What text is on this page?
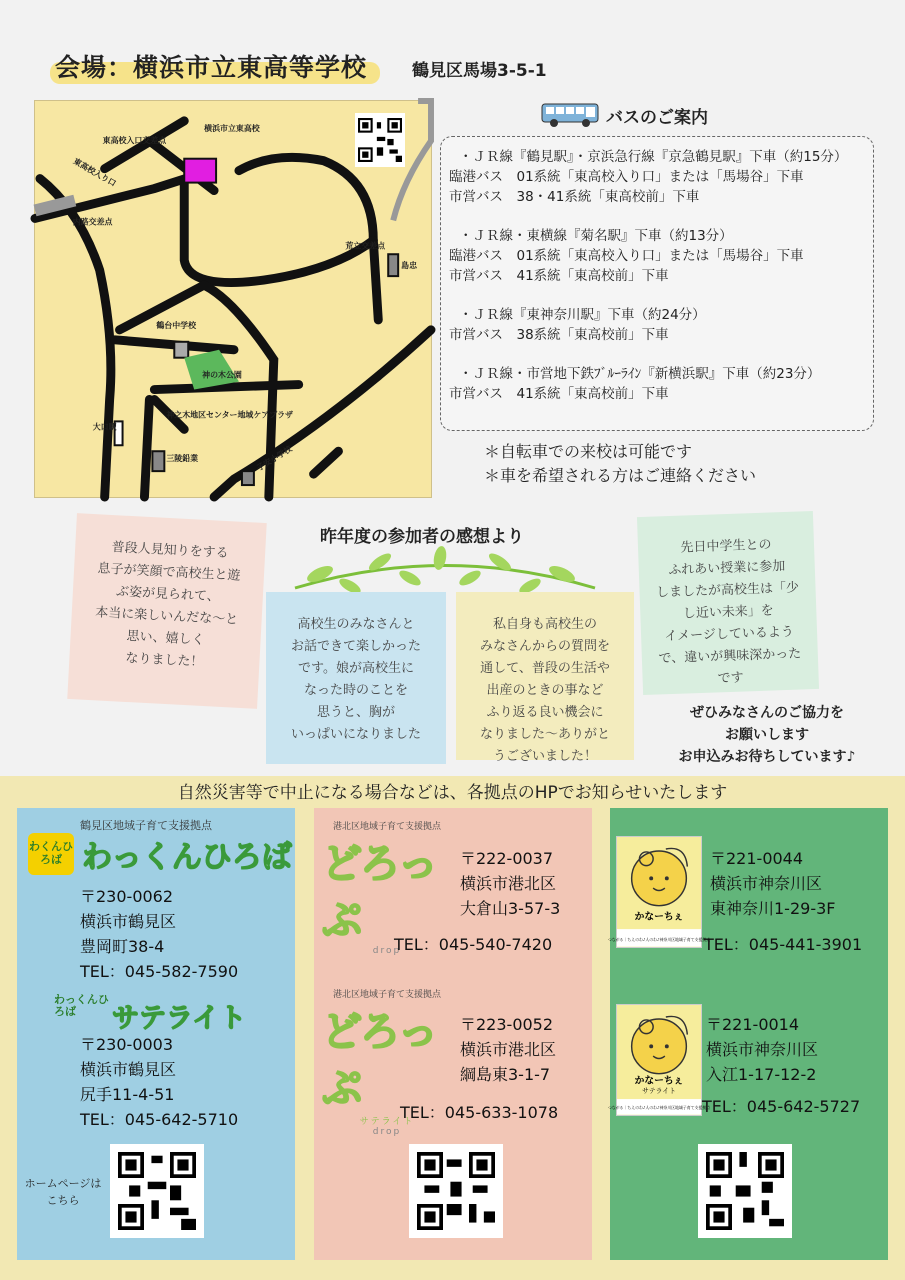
会場：横浜市立東高等学校	鶴見区馬場3-5-1
東高校入口交差点
東高校入り口
横浜市立東高校
内路交差点
荒立交差点
島忠
鶴台中学校
神の木公園
大口駅
神之木地区センター地域ケアプラザ
三陵鉛業	子安小学校
バスのご案内
・ＪＲ線『鶴見駅』・京浜急行線『京急鶴見駅』下車（約15分）
臨港バス　01系統「東高校入り口」または「馬場谷」下車
市営バス　38・41系統「東高校前」下車
・ＪＲ線・東横線『菊名駅』下車（約13分）
臨港バス　01系統「東高校入り口」または「馬場谷」下車
市営バス　41系統「東高校前」下車
・ＪＲ線『東神奈川駅』下車（約24分）
市営バス　38系統「東高校前」下車
・ＪＲ線・市営地下鉄ﾌﾞﾙｰﾗｲﾝ『新横浜駅』下車（約23分）
市営バス　41系統「東高校前」下車
＊自転車での来校は可能です
＊車を希望される方はご連絡ください
昨年度の参加者の感想より
普段人見知りをする
息子が笑顔で高校生と遊
ぶ姿が見られて、
本当に楽しいんだな〜と
思い、嬉しく
なりました！
高校生のみなさんと
お話できて楽しかった
です。娘が高校生に
なった時のことを
思うと、胸が
いっぱいになりました
私自身も高校生の
みなさんからの質問を
通して、普段の生活や
出産のときの事など
ふり返る良い機会に
なりました〜ありがと
うございました！
先日中学生との
ふれあい授業に参加
しましたが高校生は「少
し近い未来」を
イメージしているよう
で、違いが興味深かった
です
ぜひみなさんのご協力を
お願いします
お申込みお待ちしています♪
自然災害等で中止になる場合などは、各拠点のHPでお知らせいたします
鶴見区地域子育て支援拠点
わくんひろば わっくんひろば
〒230-0062
横浜市鶴見区
豊岡町38-4
TEL：045-582-7590
わっくんひろば	サテライト
〒230-0003
横浜市鶴見区
尻手11-4-51
TEL：045-642-5710
ホームページはこちら
港北区地域子育て支援拠点
どろっぷ
drop
〒222-0037
横浜市港北区
大倉山3-57-3
TEL：045-540-7420
港北区地域子育て支援拠点
どろっぷ
サテライト
drop
〒223-0052
横浜市港北区
綱島東3-1-7
TEL：045-633-1078
かなーちぇ
つながる｜ちえのわ♪人のわ♪神奈川区地域子育て支援拠点
〒221-0044
横浜市神奈川区
東神奈川1-29-3F
TEL：045-441-3901
かなーちぇ
サテライト
つながる｜ちえのわ♪人のわ♪神奈川区地域子育て支援拠点
〒221-0014
横浜市神奈川区
入江1-17-12-2
TEL：045-642-5727
